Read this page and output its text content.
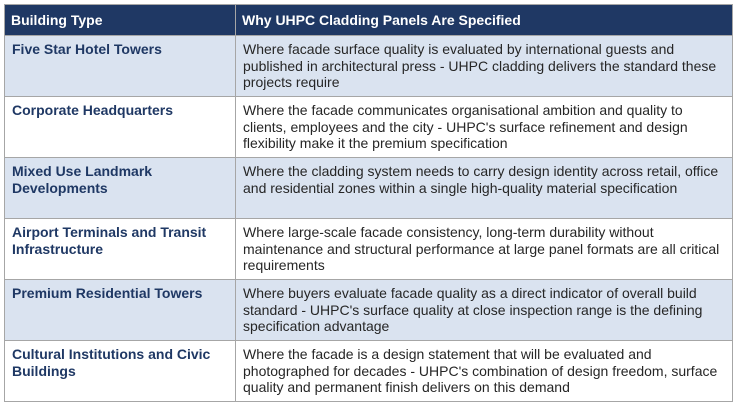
Building Type	Why UHPC Cladding Panels Are Specified
Five Star Hotel Towers	Where facade surface quality is evaluated by international guests and published in architectural press - UHPC cladding delivers the standard these projects require
Corporate Headquarters	Where the facade communicates organisational ambition and quality to clients, employees and the city - UHPC's surface refinement and design flexibility make it the premium specification
Mixed Use Landmark Developments	Where the cladding system needs to carry design identity across retail, office and residential zones within a single high-quality material specification
Airport Terminals and Transit Infrastructure	Where large-scale facade consistency, long-term durability without maintenance and structural performance at large panel formats are all critical requirements
Premium Residential Towers	Where buyers evaluate facade quality as a direct indicator of overall build standard - UHPC's surface quality at close inspection range is the defining specification advantage
Cultural Institutions and Civic Buildings	Where the facade is a design statement that will be evaluated and photographed for decades - UHPC's combination of design freedom, surface quality and permanent finish delivers on this demand
